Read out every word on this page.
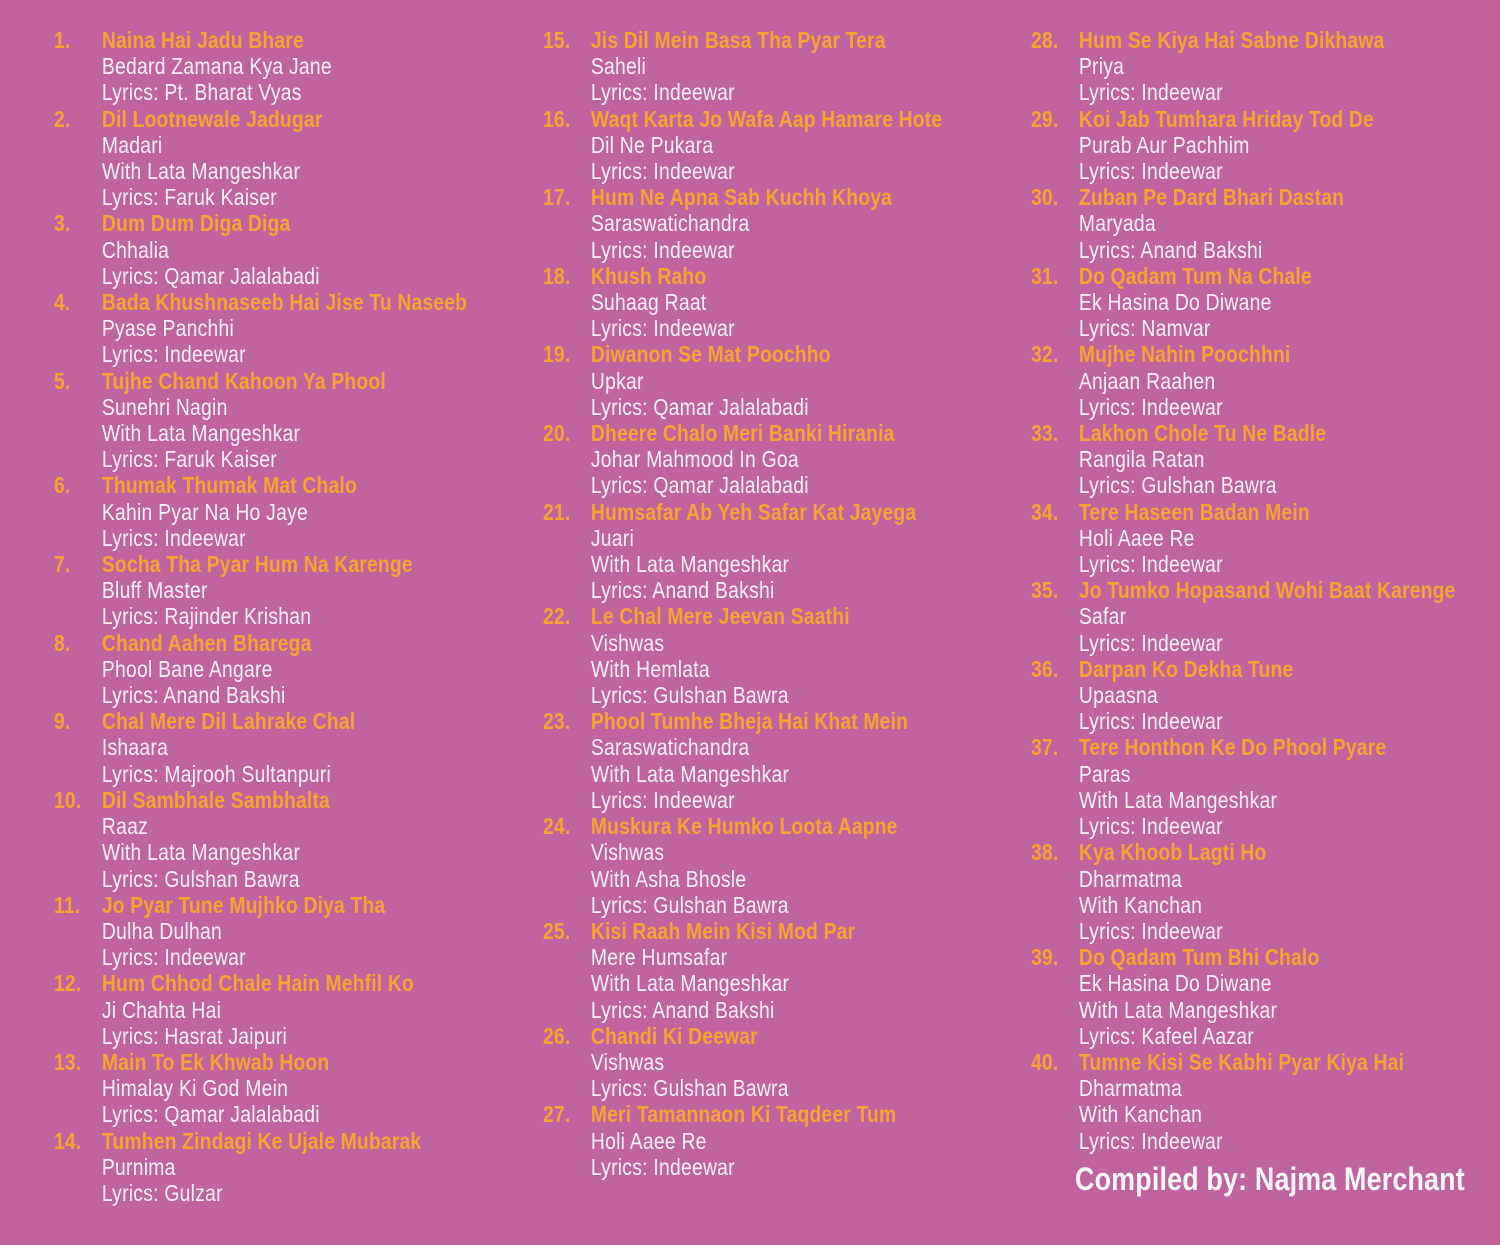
1.	Naina Hai Jadu Bhare
Bedard Zamana Kya Jane
Lyrics: Pt. Bharat Vyas
2.	Dil Lootnewale Jadugar
Madari
With Lata Mangeshkar
Lyrics: Faruk Kaiser
3.	Dum Dum Diga Diga
Chhalia
Lyrics: Qamar Jalalabadi
4.	Bada Khushnaseeb Hai Jise Tu Naseeb
Pyase Panchhi
Lyrics: Indeewar
5.	Tujhe Chand Kahoon Ya Phool
Sunehri Nagin
With Lata Mangeshkar
Lyrics: Faruk Kaiser
6.	Thumak Thumak Mat Chalo
Kahin Pyar Na Ho Jaye
Lyrics: Indeewar
7.	Socha Tha Pyar Hum Na Karenge
Bluff Master
Lyrics: Rajinder Krishan
8.	Chand Aahen Bharega
Phool Bane Angare
Lyrics: Anand Bakshi
9.	Chal Mere Dil Lahrake Chal
Ishaara
Lyrics: Majrooh Sultanpuri
10. Dil Sambhale Sambhalta
Raaz
With Lata Mangeshkar
Lyrics: Gulshan Bawra
11. Jo Pyar Tune Mujhko Diya Tha
Dulha Dulhan
Lyrics: Indeewar
12. Hum Chhod Chale Hain Mehfil Ko
Ji Chahta Hai
Lyrics: Hasrat Jaipuri
13. Main To Ek Khwab Hoon
Himalay Ki God Mein
Lyrics: Qamar Jalalabadi
14. Tumhen Zindagi Ke Ujale Mubarak
Purnima
Lyrics: Gulzar
15. Jis Dil Mein Basa Tha Pyar Tera
Saheli
Lyrics: Indeewar
16. Waqt Karta Jo Wafa Aap Hamare Hote
Dil Ne Pukara
Lyrics: Indeewar
17. Hum Ne Apna Sab Kuchh Khoya
Saraswatichandra
Lyrics: Indeewar
18. Khush Raho
Suhaag Raat
Lyrics: Indeewar
19. Diwanon Se Mat Poochho
Upkar
Lyrics: Qamar Jalalabadi
20. Dheere Chalo Meri Banki Hirania
Johar Mahmood In Goa
Lyrics: Qamar Jalalabadi
21. Humsafar Ab Yeh Safar Kat Jayega
Juari
With Lata Mangeshkar
Lyrics: Anand Bakshi
22. Le Chal Mere Jeevan Saathi
Vishwas
With Hemlata
Lyrics: Gulshan Bawra
23. Phool Tumhe Bheja Hai Khat Mein
Saraswatichandra
With Lata Mangeshkar
Lyrics: Indeewar
24. Muskura Ke Humko Loota Aapne
Vishwas
With Asha Bhosle
Lyrics: Gulshan Bawra
25. Kisi Raah Mein Kisi Mod Par
Mere Humsafar
With Lata Mangeshkar
Lyrics: Anand Bakshi
26. Chandi Ki Deewar
Vishwas
Lyrics: Gulshan Bawra
27. Meri Tamannaon Ki Taqdeer Tum
Holi Aaee Re
Lyrics: Indeewar
28. Hum Se Kiya Hai Sabne Dikhawa
Priya
Lyrics: Indeewar
29. Koi Jab Tumhara Hriday Tod De
Purab Aur Pachhim
Lyrics: Indeewar
30. Zuban Pe Dard Bhari Dastan
Maryada
Lyrics: Anand Bakshi
31. Do Qadam Tum Na Chale
Ek Hasina Do Diwane
Lyrics: Namvar
32. Mujhe Nahin Poochhni
Anjaan Raahen
Lyrics: Indeewar
33. Lakhon Chole Tu Ne Badle
Rangila Ratan
Lyrics: Gulshan Bawra
34. Tere Haseen Badan Mein
Holi Aaee Re
Lyrics: Indeewar
35. Jo Tumko Hopasand Wohi Baat Karenge
Safar
Lyrics: Indeewar
36. Darpan Ko Dekha Tune
Upaasna
Lyrics: Indeewar
37. Tere Honthon Ke Do Phool Pyare
Paras
With Lata Mangeshkar
Lyrics: Indeewar
38. Kya Khoob Lagti Ho
Dharmatma
With Kanchan
Lyrics: Indeewar
39. Do Qadam Tum Bhi Chalo
Ek Hasina Do Diwane
With Lata Mangeshkar
Lyrics: Kafeel Aazar
40. Tumne Kisi Se Kabhi Pyar Kiya Hai
Dharmatma
With Kanchan
Lyrics: Indeewar
Compiled by: Najma Merchant
